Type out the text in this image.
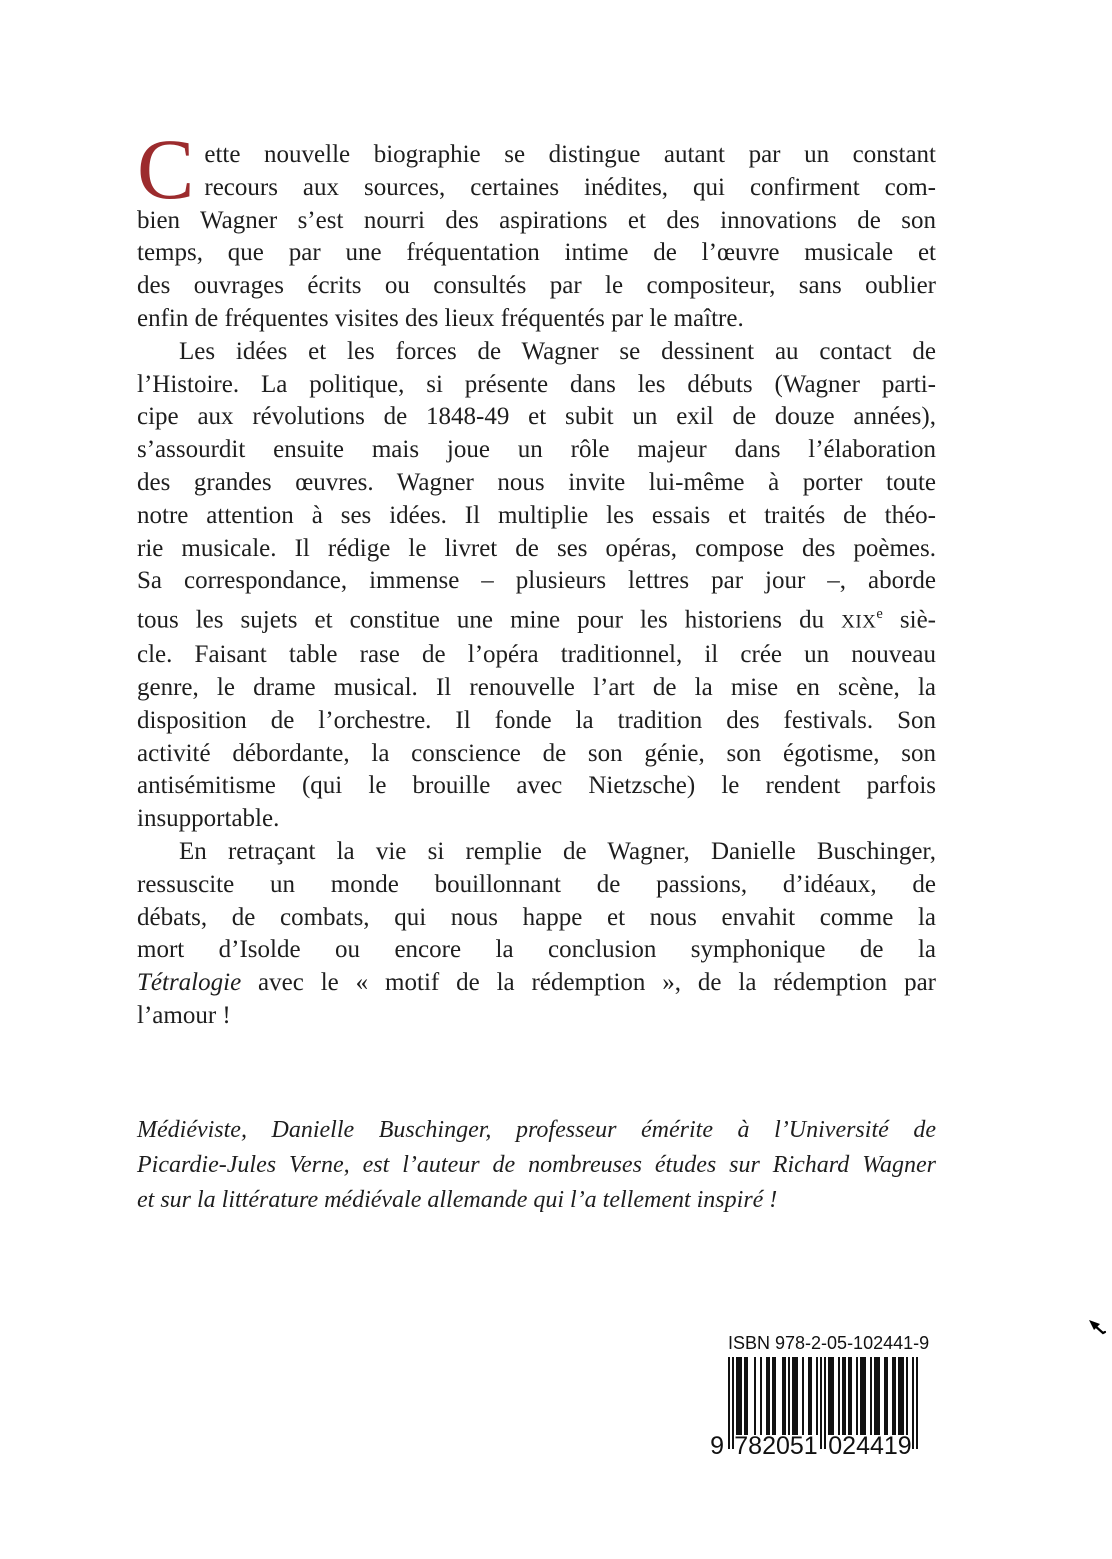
C ette nouvelle biographie se distingue autant par un constant
recours aux sources, certaines inédites, qui confirment com-
bien Wagner s’est nourri des aspirations et des innovations de son
temps, que par une fréquentation intime de l’œuvre musicale et
des ouvrages écrits ou consultés par le compositeur, sans oublier
enfin de fréquentes visites des lieux fréquentés par le maître.
Les idées et les forces de Wagner se dessinent au contact de
l’Histoire. La politique, si présente dans les débuts (Wagner parti-
cipe aux révolutions de 1848-49 et subit un exil de douze années),
s’assourdit ensuite mais joue un rôle majeur dans l’élaboration
des grandes œuvres. Wagner nous invite lui-même à porter toute
notre attention à ses idées. Il multiplie les essais et traités de théo-
rie musicale. Il rédige le livret de ses opéras, compose des poèmes.
Sa correspondance, immense – plusieurs lettres par jour –, aborde
tous les sujets et constitue une mine pour les historiens du XIXe siè-
cle. Faisant table rase de l’opéra traditionnel, il crée un nouveau
genre, le drame musical. Il renouvelle l’art de la mise en scène, la
disposition de l’orchestre. Il fonde la tradition des festivals. Son
activité débordante, la conscience de son génie, son égotisme, son
antisémitisme (qui le brouille avec Nietzsche) le rendent parfois
insupportable.
En retraçant la vie si remplie de Wagner, Danielle Buschinger,
ressuscite un monde bouillonnant de passions, d’idéaux, de
débats, de combats, qui nous happe et nous envahit comme la
mort d’Isolde ou encore la conclusion symphonique de la
Tétralogie avec le « motif de la rédemption », de la rédemption par
l’amour !
Médiéviste, Danielle Buschinger, professeur émérite à l’Université de
Picardie-Jules Verne, est l’auteur de nombreuses études sur Richard Wagner
et sur la littérature médiévale allemande qui l’a tellement inspiré !
ISBN 978-2-05-102441-9
9 782051 024419
